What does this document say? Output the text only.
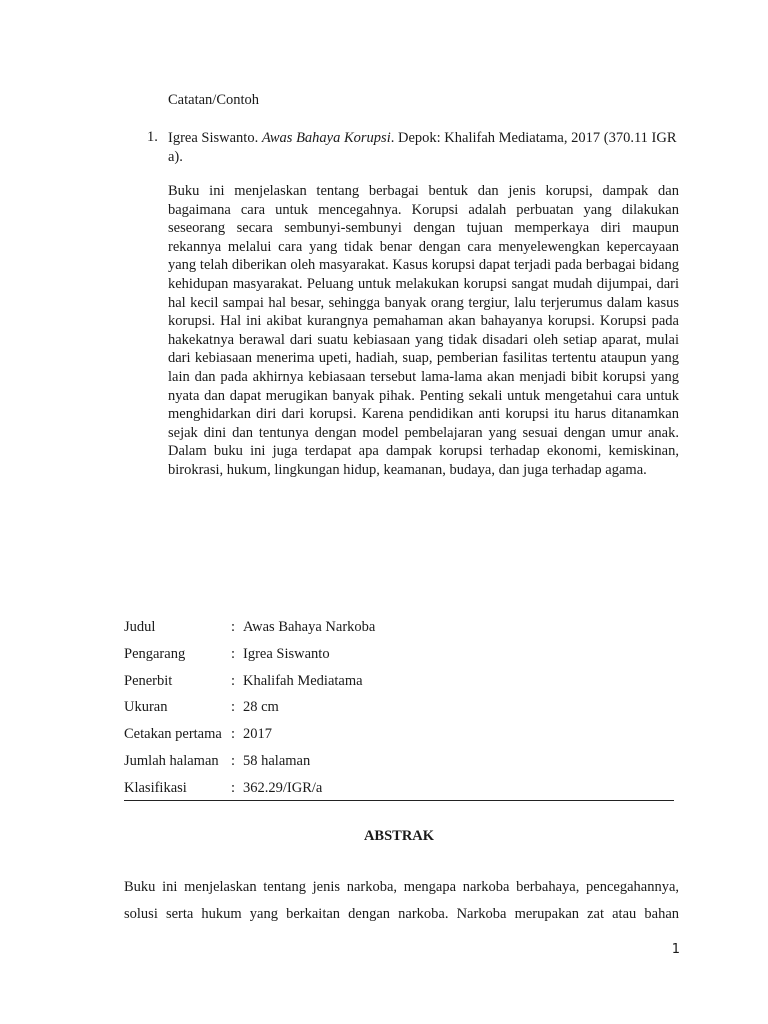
Catatan/Contoh
1. Igrea Siswanto. Awas Bahaya Korupsi. Depok: Khalifah Mediatama, 2017 (370.11 IGR a).

Buku ini menjelaskan tentang berbagai bentuk dan jenis korupsi, dampak dan bagaimana cara untuk mencegahnya. Korupsi adalah perbuatan yang dilakukan seseorang secara sembunyi-sembunyi dengan tujuan memperkaya diri maupun rekannya melalui cara yang tidak benar dengan cara menyelewengkan kepercayaan yang telah diberikan oleh masyarakat. Kasus korupsi dapat terjadi pada berbagai bidang kehidupan masyarakat. Peluang untuk melakukan korupsi sangat mudah dijumpai, dari hal kecil sampai hal besar, sehingga banyak orang tergiur, lalu terjerumus dalam kasus korupsi. Hal ini akibat kurangnya pemahaman akan bahayanya korupsi. Korupsi pada hakekatnya berawal dari suatu kebiasaan yang tidak disadari oleh setiap aparat, mulai dari kebiasaan menerima upeti, hadiah, suap, pemberian fasilitas tertentu ataupun yang lain dan pada akhirnya kebiasaan tersebut lama-lama akan menjadi bibit korupsi yang nyata dan dapat merugikan banyak pihak. Penting sekali untuk mengetahui cara untuk menghidarkan diri dari korupsi. Karena pendidikan anti korupsi itu harus ditanamkan sejak dini dan tentunya dengan model pembelajaran yang sesuai dengan umur anak. Dalam buku ini juga terdapat apa dampak korupsi terhadap ekonomi, kemiskinan, birokrasi, hukum, lingkungan hidup, keamanan, budaya, dan juga terhadap agama.

Judul	: Awas Bahaya Narkoba
Pengarang	: Igrea Siswanto
Penerbit	: Khalifah Mediatama
Ukuran	: 28 cm
Cetakan pertama : 2017
Jumlah halaman : 58 halaman
Klasifikasi	: 362.29/IGR/a
ABSTRAK

Buku ini menjelaskan tentang jenis narkoba, mengapa narkoba berbahaya, pencegahannya, solusi serta hukum yang berkaitan dengan narkoba. Narkoba merupakan zat atau bahan

1
